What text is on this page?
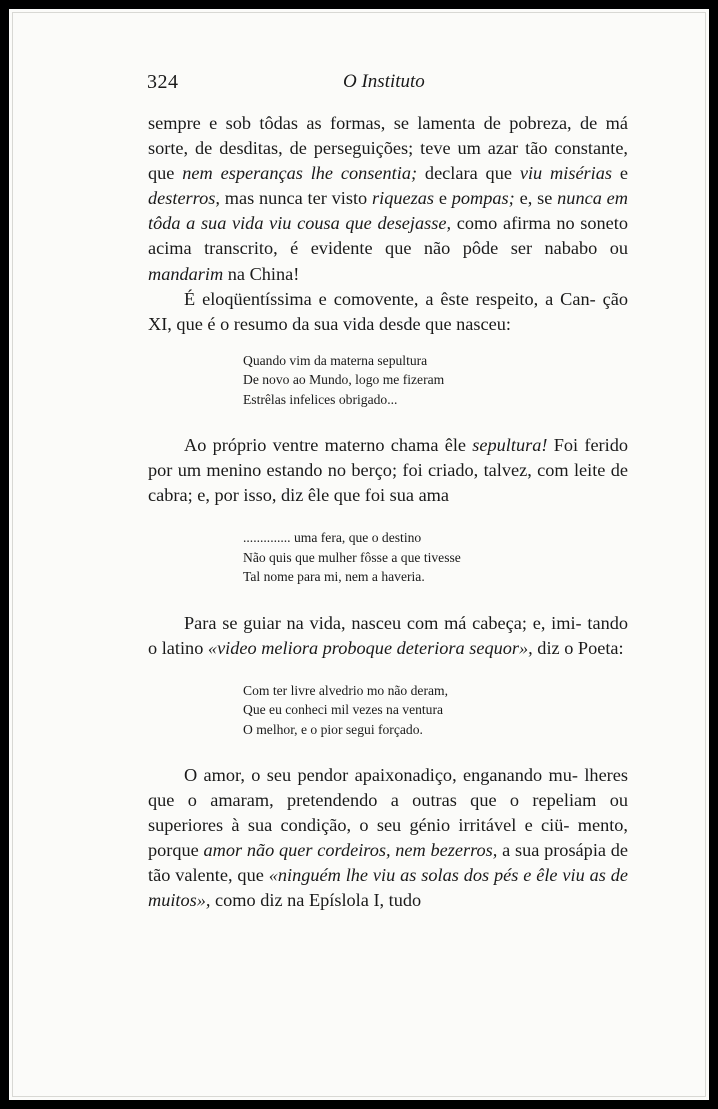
324	O Instituto

sempre e sob tôdas as formas, se lamenta de pobreza, de má sorte, de desditas, de perseguições; teve um azar tão constante, que nem esperanças lhe consentia; declara que viu misérias e desterros, mas nunca ter visto riquezas e pompas; e, se nunca em tôda a sua vida viu cousa que desejasse, como afirma no soneto acima transcrito, é evidente que não pôde ser nababo ou mandarim na China!

É eloqüentíssima e comovente, a êste respeito, a Can- ção XI, que é o resumo da sua vida desde que nasceu:

Quando vim da materna sepultura
De novo ao Mundo, logo me fizeram
Estrêlas infelices obrigado...

Ao próprio ventre materno chama êle sepultura! Foi ferido por um menino estando no berço; foi criado, talvez, com leite de cabra; e, por isso, diz êle que foi sua ama

.............. uma fera, que o destino
Não quis que mulher fôsse a que tivesse
Tal nome para mi, nem a haveria.

Para se guiar na vida, nasceu com má cabeça; e, imi- tando o latino «video meliora proboque deteriora sequor», diz o Poeta:

Com ter livre alvedrio mo não deram,
Que eu conheci mil vezes na ventura
O melhor, e o pior segui forçado.

O amor, o seu pendor apaixonadiço, enganando mu- lheres que o amaram, pretendendo a outras que o repeliam ou superiores à sua condição, o seu génio irritável e ciü- mento, porque amor não quer cordeiros, nem bezerros, a sua prosápia de tão valente, que «ninguém lhe viu as solas dos pés e êle viu as de muitos», como diz na Epíslola I, tudo
